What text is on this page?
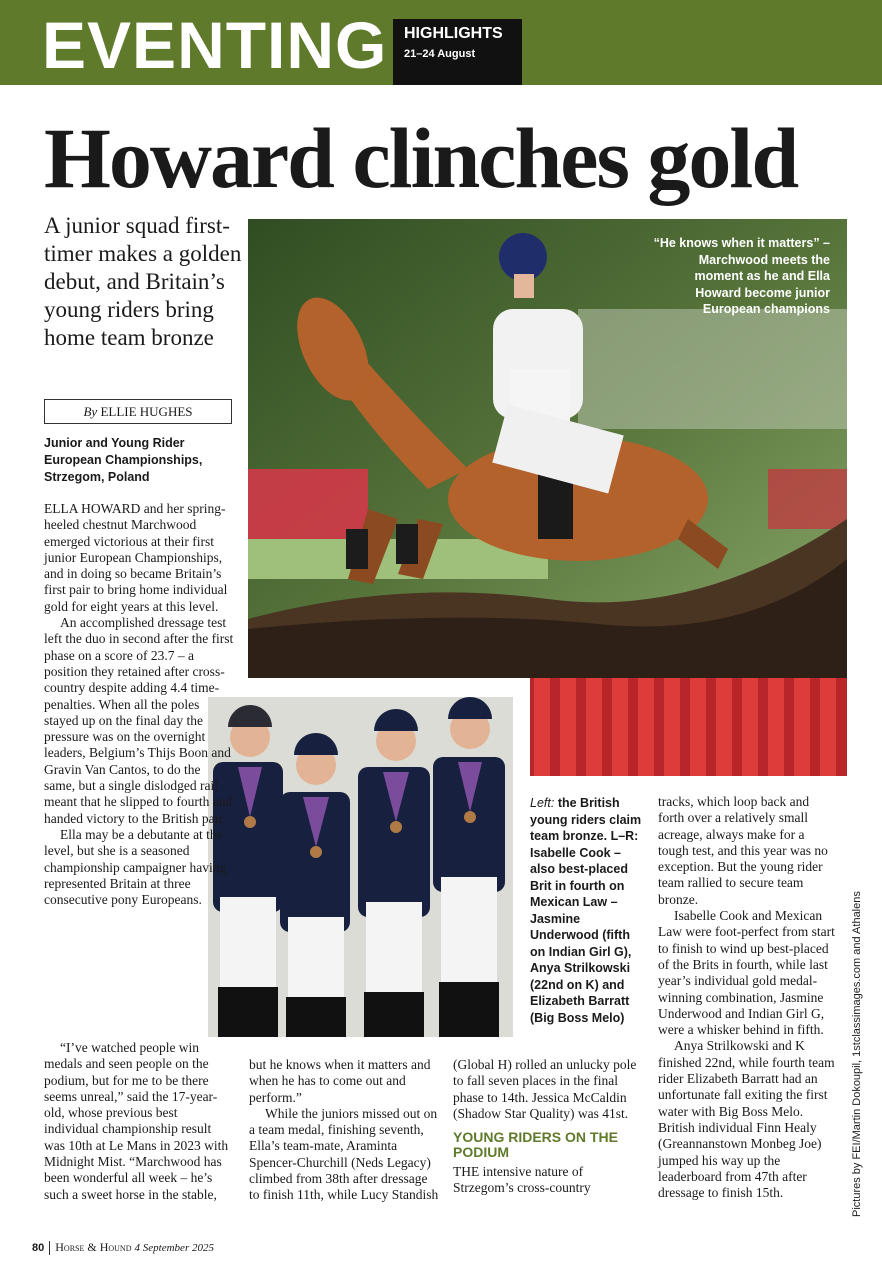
EVENTING HIGHLIGHTS
21–24 August
Howard clinches gold
A junior squad first-timer makes a golden debut, and Britain’s young riders bring home team bronze
By ELLIE HUGHES
Junior and Young Rider European Championships, Strzegom, Poland
“He knows when it matters” – Marchwood meets the moment as he and Ella Howard become junior European champions
Left: the British young riders claim team bronze. L–R: Isabelle Cook – also best-placed Brit in fourth on Mexican Law – Jasmine Underwood (fifth on Indian Girl G), Anya Strilkowski (22nd on K) and Elizabeth Barratt (Big Boss Melo)

ELLA HOWARD and her spring-heeled chestnut Marchwood emerged victorious at their first junior European Championships, and in doing so became Britain’s first pair to bring home individual gold for eight years at this level.

An accomplished dressage test left the duo in second after the first phase on a score of 23.7 – a position they retained after cross-country despite adding 4.4 time-penalties. When all the poles stayed up on the final day the pressure was on the overnight leaders, Belgium’s Thijs Boon and Gravin Van Cantos, to do the same, but a single dislodged rail meant that he slipped to fourth and handed victory to the British pair.

Ella may be a debutante at the level, but she is a seasoned championship campaigner having represented Britain at three consecutive pony Europeans.

“I’ve watched people win medals and seen people on the podium, but for me to be there seems unreal,” said the 17-year-old, whose previous best individual championship result was 10th at Le Mans in 2023 with Midnight Mist. “Marchwood has been wonderful all week – he’s such a sweet horse in the stable,

but he knows when it matters and when he has to come out and perform.”

While the juniors missed out on a team medal, finishing seventh, Ella’s team-mate, Araminta Spencer-Churchill (Neds Legacy) climbed from 38th after dressage to finish 11th, while Lucy Standish

(Global H) rolled an unlucky pole to fall seven places in the final phase to 14th. Jessica McCaldin (Shadow Star Quality) was 41st.

YOUNG RIDERS ON THE PODIUM

THE intensive nature of Strzegom’s cross-country

tracks, which loop back and forth over a relatively small acreage, always make for a tough test, and this year was no exception. But the young rider team rallied to secure team bronze.

Isabelle Cook and Mexican Law were foot-perfect from start to finish to wind up best-placed of the Brits in fourth, while last year’s individual gold medal-winning combination, Jasmine Underwood and Indian Girl G, were a whisker behind in fifth.

Anya Strilkowski and K finished 22nd, while fourth team rider Elizabeth Barratt had an unfortunate fall exiting the first water with Big Boss Melo. British individual Finn Healy (Greannanstown Monbeg Joe) jumped his way up the leaderboard from 47th after dressage to finish 15th.	Pictures by FEI/Martin Dokoupil, 1stclassimages.com and Athalens
80 Horse & Hound 4 September 2025
